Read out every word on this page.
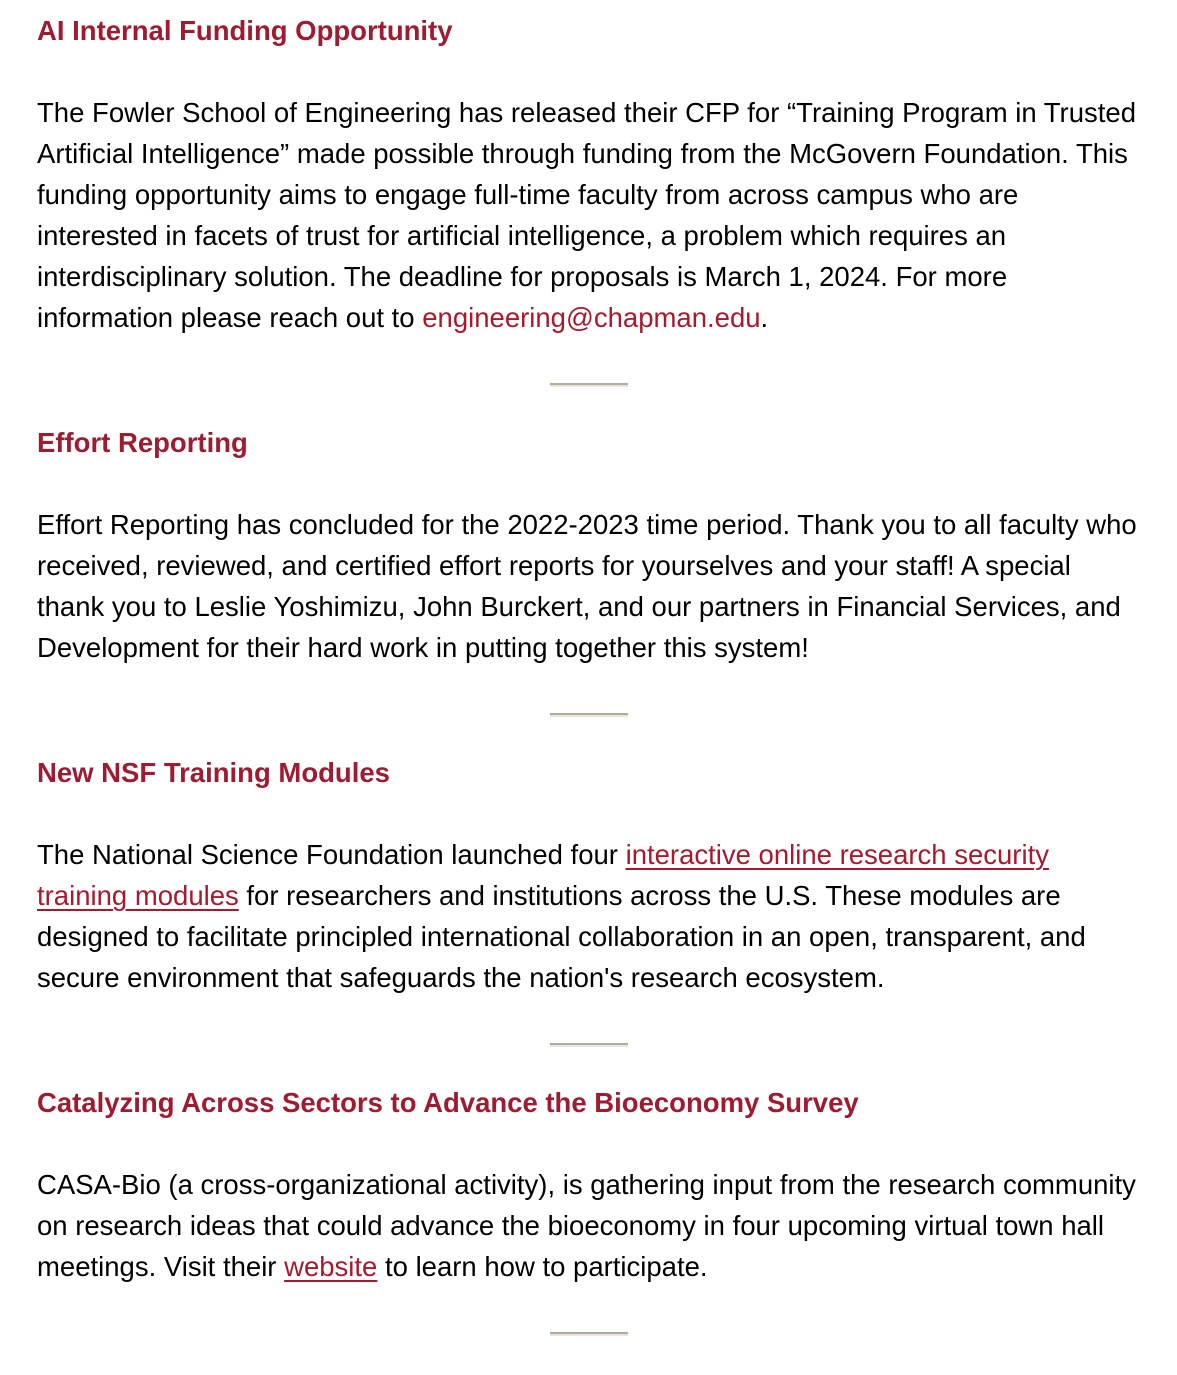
AI Internal Funding Opportunity

The Fowler School of Engineering has released their CFP for “Training Program in Trusted Artificial Intelligence” made possible through funding from the McGovern Foundation. This funding opportunity aims to engage full-time faculty from across campus who are interested in facets of trust for artificial intelligence, a problem which requires an interdisciplinary solution. The deadline for proposals is March 1, 2024. For more information please reach out to engineering@chapman.edu.

Effort Reporting

Effort Reporting has concluded for the 2022-2023 time period. Thank you to all faculty who received, reviewed, and certified effort reports for yourselves and your staff! A special thank you to Leslie Yoshimizu, John Burckert, and our partners in Financial Services, and Development for their hard work in putting together this system!

New NSF Training Modules

The National Science Foundation launched four interactive online research security training modules for researchers and institutions across the U.S. These modules are designed to facilitate principled international collaboration in an open, transparent, and secure environment that safeguards the nation's research ecosystem.

Catalyzing Across Sectors to Advance the Bioeconomy Survey

CASA-Bio (a cross-organizational activity), is gathering input from the research community on research ideas that could advance the bioeconomy in four upcoming virtual town hall meetings. Visit their website to learn how to participate.
